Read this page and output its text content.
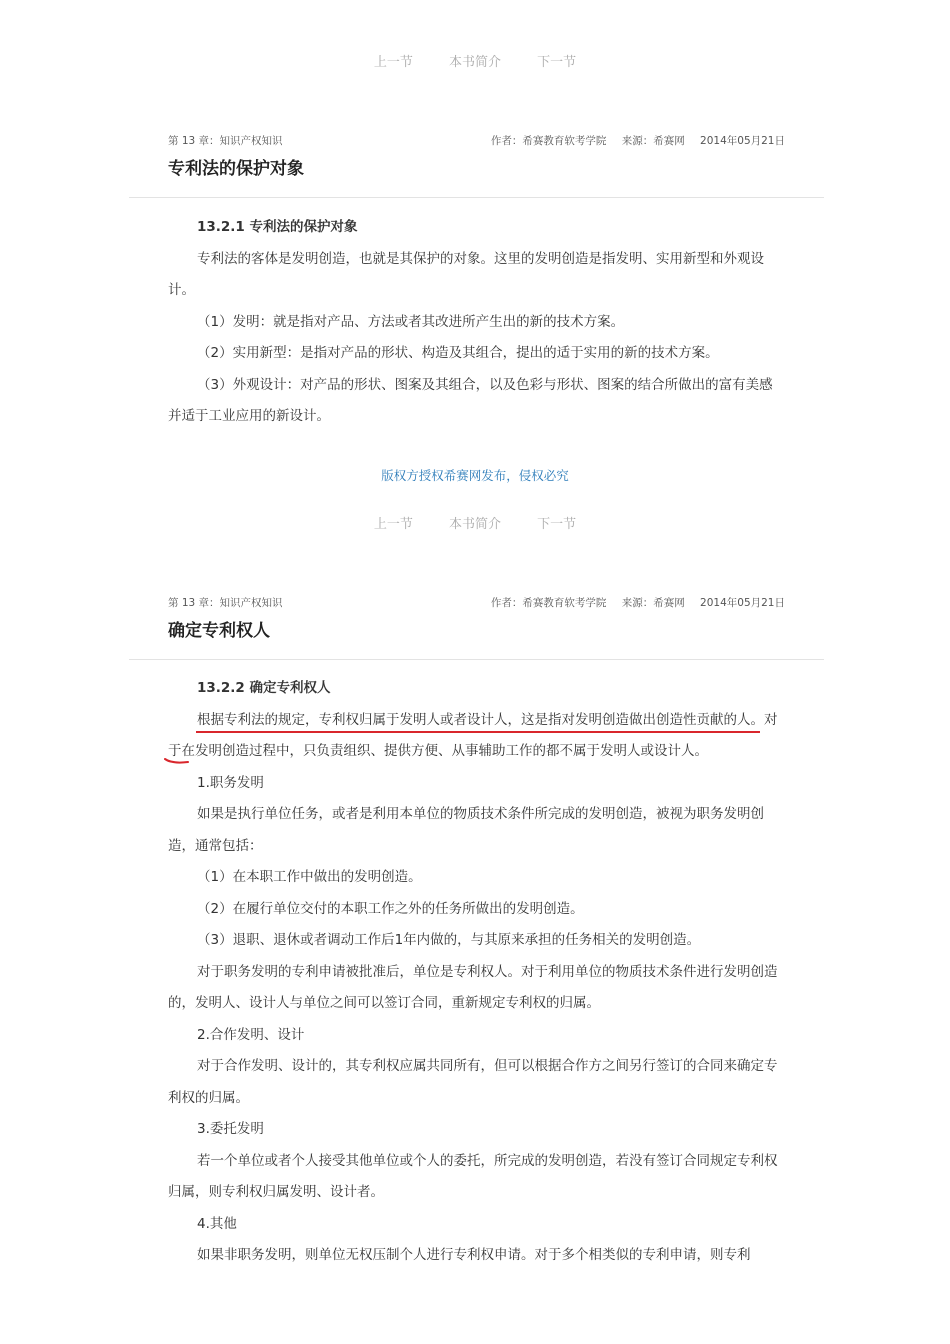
上一节	本书简介	下一节
第 13 章：知识产权知识	作者：希赛教育软考学院 来源：希赛网 2014年05月21日
专利法的保护对象

13.2.1 专利法的保护对象

专利法的客体是发明创造，也就是其保护的对象。这里的发明创造是指发明、实用新型和外观设计。

（1）发明：就是指对产品、方法或者其改进所产生出的新的技术方案。

（2）实用新型：是指对产品的形状、构造及其组合，提出的适于实用的新的技术方案。

（3）外观设计：对产品的形状、图案及其组合，以及色彩与形状、图案的结合所做出的富有美感并适于工业应用的新设计。

版权方授权希赛网发布，侵权必究
上一节	本书简介	下一节
第 13 章：知识产权知识	作者：希赛教育软考学院 来源：希赛网 2014年05月21日
确定专利权人

13.2.2 确定专利权人

根据专利法的规定，专利权归属于发明人或者设计人，这是指对发明创造做出创造性贡献的人。对于在发明创造过程中，只负责组织、提供方便、从事辅助工作的都不属于发明人或设计人。

1.职务发明

如果是执行单位任务，或者是利用本单位的物质技术条件所完成的发明创造，被视为职务发明创造，通常包括：

（1）在本职工作中做出的发明创造。

（2）在履行单位交付的本职工作之外的任务所做出的发明创造。

（3）退职、退休或者调动工作后1年内做的，与其原来承担的任务相关的发明创造。

对于职务发明的专利申请被批准后，单位是专利权人。对于利用单位的物质技术条件进行发明创造的，发明人、设计人与单位之间可以签订合同，重新规定专利权的归属。

2.合作发明、设计

对于合作发明、设计的，其专利权应属共同所有，但可以根据合作方之间另行签订的合同来确定专利权的归属。

3.委托发明

若一个单位或者个人接受其他单位或个人的委托，所完成的发明创造，若没有签订合同规定专利权归属，则专利权归属发明、设计者。

4.其他

如果非职务发明，则单位无权压制个人进行专利权申请。对于多个相类似的专利申请，则专利
